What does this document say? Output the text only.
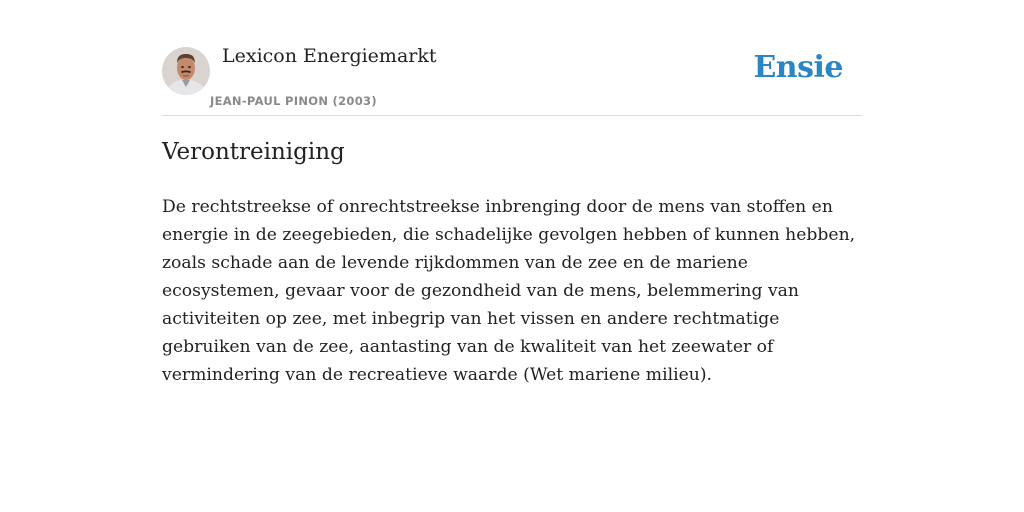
Lexicon Energiemarkt
JEAN-PAUL PINON (2003)
Ensie
Verontreiniging

De rechtstreekse of onrechtstreekse inbrenging door de mens van stoffen en energie in de zeegebieden, die schadelijke gevolgen hebben of kunnen hebben, zoals schade aan de levende rijkdommen van de zee en de mariene ecosystemen, gevaar voor de gezondheid van de mens, belemmering van activiteiten op zee, met inbegrip van het vissen en andere rechtmatige gebruiken van de zee, aantasting van de kwaliteit van het zeewater of vermindering van de recreatieve waarde (Wet mariene milieu).
